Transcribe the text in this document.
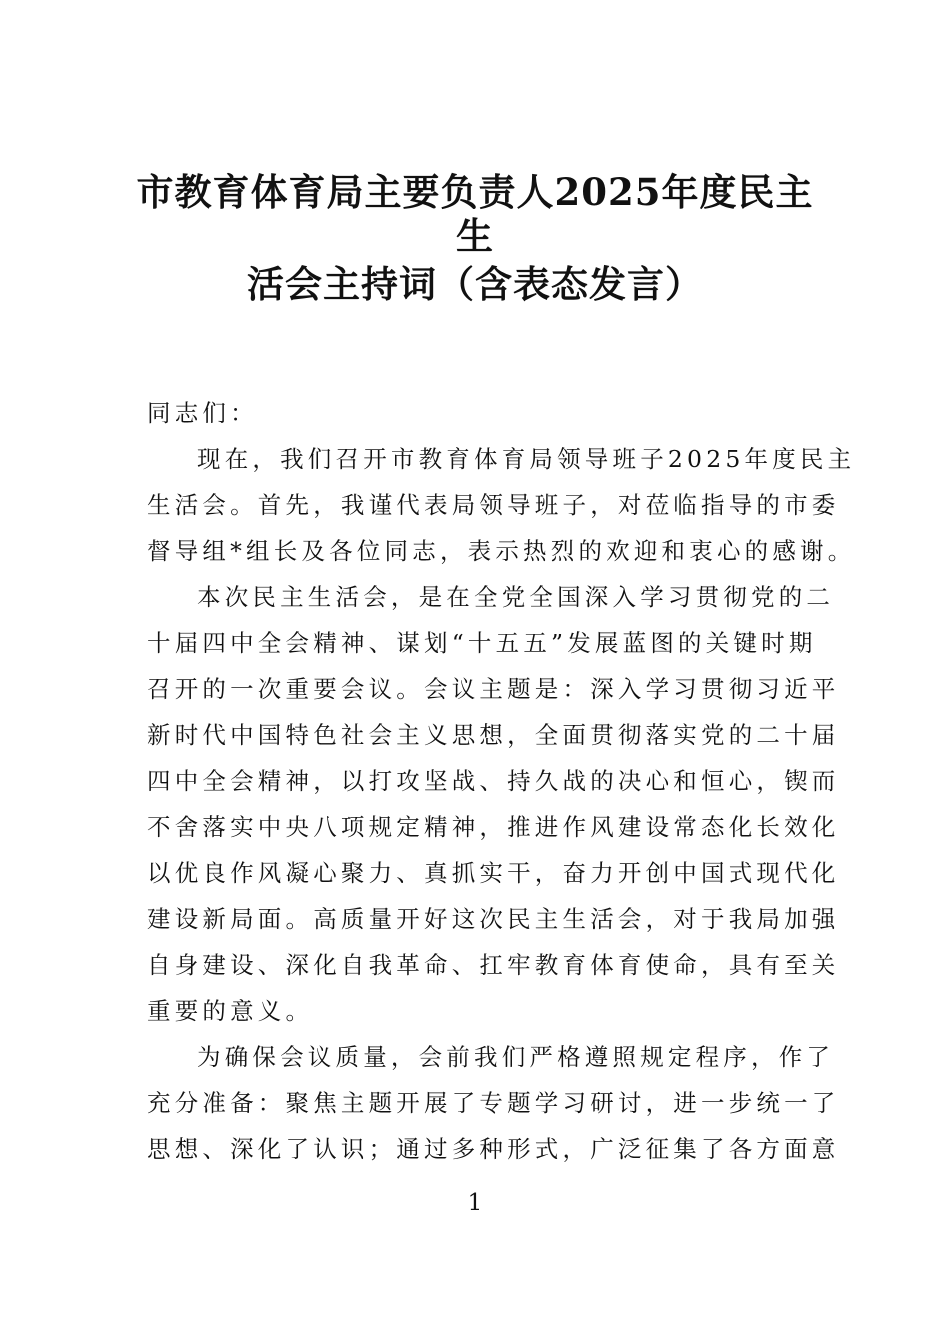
市教育体育局主要负责人2025年度民主生
活会主持词（含表态发言）
同志们：
现在，我们召开市教育体育局领导班子2025年度民主
生活会。首先，我谨代表局领导班子，对莅临指导的市委
督导组*组长及各位同志，表示热烈的欢迎和衷心的感谢。
本次民主生活会，是在全党全国深入学习贯彻党的二
十届四中全会精神、谋划“十五五”发展蓝图的关键时期
召开的一次重要会议。会议主题是：深入学习贯彻习近平
新时代中国特色社会主义思想，全面贯彻落实党的二十届
四中全会精神，以打攻坚战、持久战的决心和恒心，锲而
不舍落实中央八项规定精神，推进作风建设常态化长效化
以优良作风凝心聚力、真抓实干，奋力开创中国式现代化
建设新局面。高质量开好这次民主生活会，对于我局加强
自身建设、深化自我革命、扛牢教育体育使命，具有至关
重要的意义。
为确保会议质量，会前我们严格遵照规定程序，作了
充分准备：聚焦主题开展了专题学习研讨，进一步统一了
思想、深化了认识；通过多种形式，广泛征集了各方面意
1
